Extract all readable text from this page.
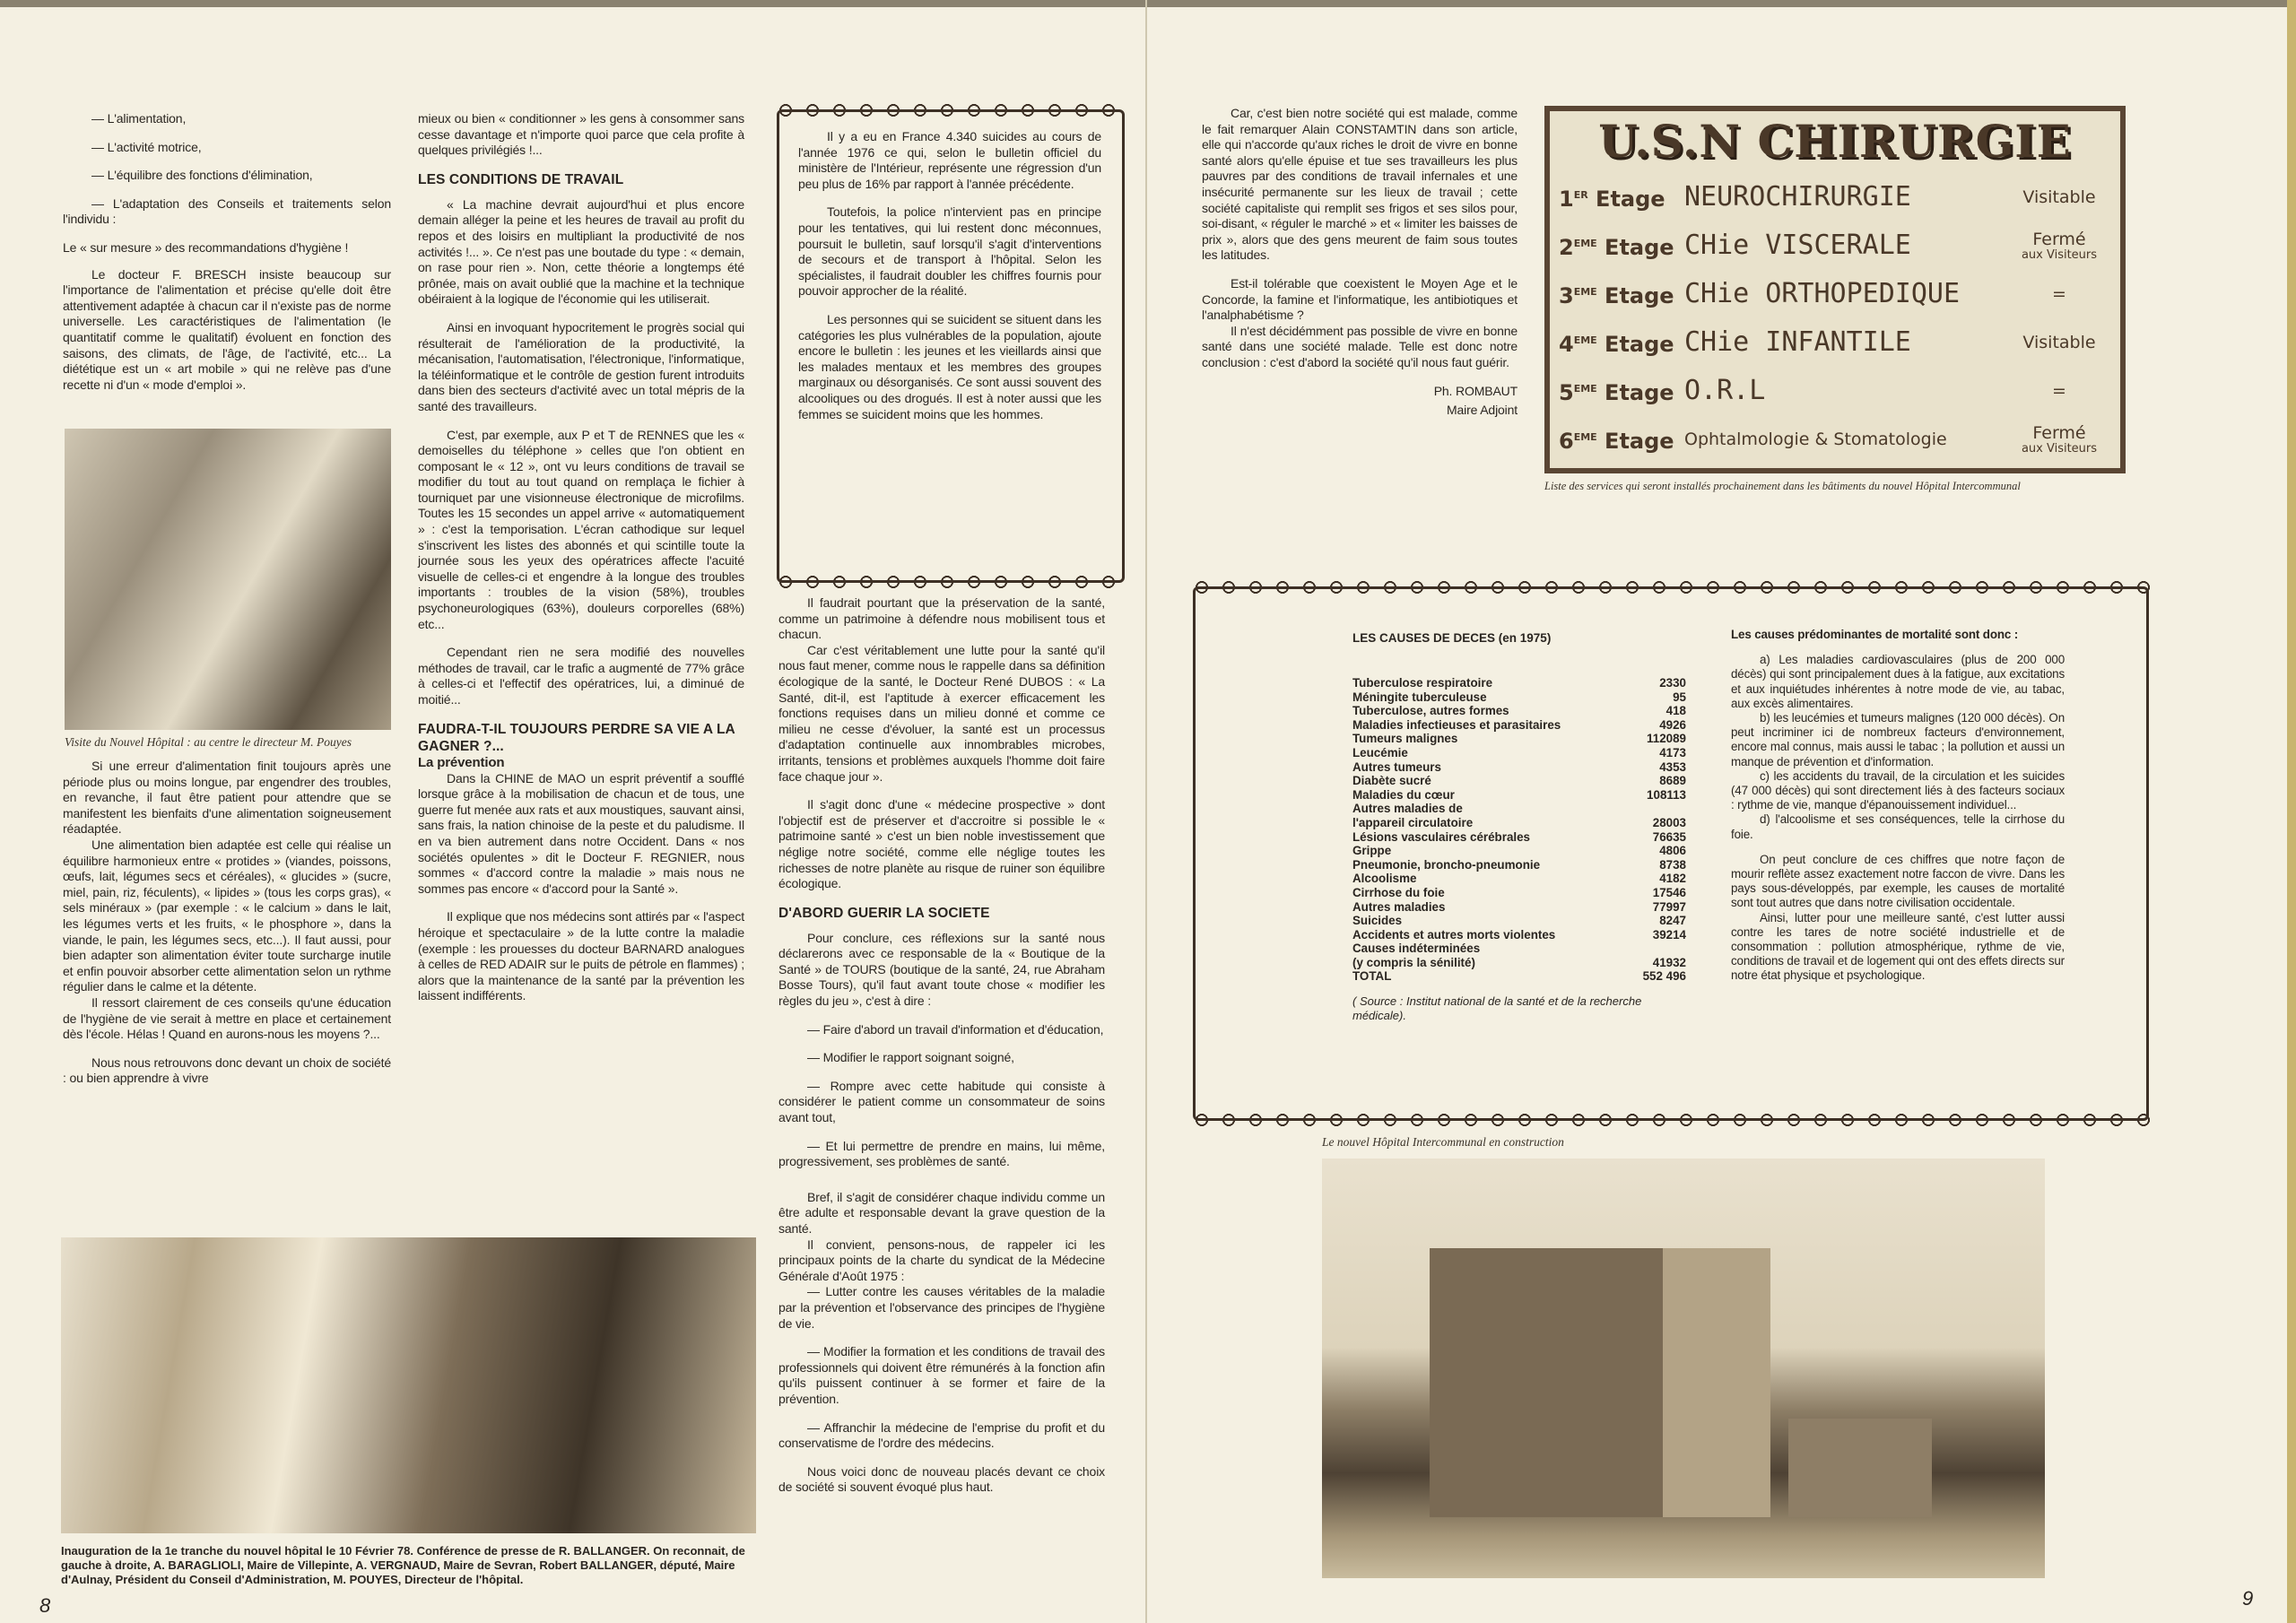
— L'alimentation,

— L'activité motrice,

— L'équilibre des fonctions d'élimination,

— L'adaptation des Conseils et traitements selon l'individu :

Le « sur mesure » des recommandations d'hygiène !

Le docteur F. BRESCH insiste beaucoup sur l'importance de l'alimentation et précise qu'elle doit être attentivement adaptée à chacun car il n'existe pas de norme universelle. Les caractéristiques de l'alimentation (le quantitatif comme le qualitatif) évoluent en fonction des saisons, des climats, de l'âge, de l'activité, etc... La diététique est un « art mobile » qui ne relève pas d'une recette ni d'un « mode d'emploi ».

Visite du Nouvel Hôpital : au centre le directeur M. Pouyes

Si une erreur d'alimentation finit toujours après une période plus ou moins longue, par engendrer des troubles, en revanche, il faut être patient pour attendre que se manifestent les bienfaits d'une alimentation soigneusement réadaptée.

Une alimentation bien adaptée est celle qui réalise un équilibre harmonieux entre « protides » (viandes, poissons, œufs, lait, légumes secs et céréales), « glucides » (sucre, miel, pain, riz, féculents), « lipides » (tous les corps gras), « sels minéraux » (par exemple : « le calcium » dans le lait, les légumes verts et les fruits, « le phosphore », dans la viande, le pain, les légumes secs, etc...). Il faut aussi, pour bien adapter son alimentation éviter toute surcharge inutile et enfin pouvoir absorber cette alimentation selon un rythme régulier dans le calme et la détente.

Il ressort clairement de ces conseils qu'une éducation de l'hygiène de vie serait à mettre en place et certainement dès l'école. Hélas ! Quand en aurons-nous les moyens ?...

Nous nous retrouvons donc devant un choix de société : ou bien apprendre à vivre

mieux ou bien « conditionner » les gens à consommer sans cesse davantage et n'importe quoi parce que cela profite à quelques privilégiés !...

LES CONDITIONS DE TRAVAIL

« La machine devrait aujourd'hui et plus encore demain alléger la peine et les heures de travail au profit du repos et des loisirs en multipliant la productivité de nos activités !... ». Ce n'est pas une boutade du type : « demain, on rase pour rien ». Non, cette théorie a longtemps été prônée, mais on avait oublié que la machine et la technique obéiraient à la logique de l'économie qui les utiliserait.

Ainsi en invoquant hypocritement le progrès social qui résulterait de l'amélioration de la productivité, la mécanisation, l'automatisation, l'électronique, l'informatique, la téléinformatique et le contrôle de gestion furent introduits dans bien des secteurs d'activité avec un total mépris de la santé des travailleurs.

C'est, par exemple, aux P et T de RENNES que les « demoiselles du téléphone » celles que l'on obtient en composant le « 12 », ont vu leurs conditions de travail se modifier du tout au tout quand on remplaça le fichier à tourniquet par une visionneuse électronique de microfilms. Toutes les 15 secondes un appel arrive « automatiquement » : c'est la temporisation. L'écran cathodique sur lequel s'inscrivent les listes des abonnés et qui scintille toute la journée sous les yeux des opératrices affecte l'acuité visuelle de celles-ci et engendre à la longue des troubles importants : troubles de la vision (58%), troubles psychoneurologiques (63%), douleurs corporelles (68%) etc...

Cependant rien ne sera modifié des nouvelles méthodes de travail, car le trafic a augmenté de 77% grâce à celles-ci et l'effectif des opératrices, lui, a diminué de moitié...

FAUDRA-T-IL TOUJOURS PERDRE SA VIE A LA GAGNER ?...
La prévention

Dans la CHINE de MAO un esprit préventif a soufflé lorsque grâce à la mobilisation de chacun et de tous, une guerre fut menée aux rats et aux moustiques, sauvant ainsi, sans frais, la nation chinoise de la peste et du paludisme. Il en va bien autrement dans notre Occident. Dans « nos sociétés opulentes » dit le Docteur F. REGNIER, nous sommes « d'accord contre la maladie » mais nous ne sommes pas encore « d'accord pour la Santé ».

Il explique que nos médecins sont attirés par « l'aspect héroique et spectaculaire » de la lutte contre la maladie (exemple : les prouesses du docteur BARNARD analogues à celles de RED ADAIR sur le puits de pétrole en flammes) ; alors que la maintenance de la santé par la prévention les laissent indifférents.

Il y a eu en France 4.340 suicides au cours de l'année 1976 ce qui, selon le bulletin officiel du ministère de l'Intérieur, représente une régression d'un peu plus de 16% par rapport à l'année précédente.

Toutefois, la police n'intervient pas en principe pour les tentatives, qui lui restent donc méconnues, poursuit le bulletin, sauf lorsqu'il s'agit d'interventions de secours et de transport à l'hôpital. Selon les spécialistes, il faudrait doubler les chiffres fournis pour pouvoir approcher de la réalité.

Les personnes qui se suicident se situent dans les catégories les plus vulnérables de la population, ajoute encore le bulletin : les jeunes et les vieillards ainsi que les malades mentaux et les membres des groupes marginaux ou désorganisés. Ce sont aussi souvent des alcooliques ou des drogués. Il est à noter aussi que les femmes se suicident moins que les hommes.

Il faudrait pourtant que la préservation de la santé, comme un patrimoine à défendre nous mobilisent tous et chacun.

Car c'est véritablement une lutte pour la santé qu'il nous faut mener, comme nous le rappelle dans sa définition écologique de la santé, le Docteur René DUBOS : « La Santé, dit-il, est l'aptitude à exercer efficacement les fonctions requises dans un milieu donné et comme ce milieu ne cesse d'évoluer, la santé est un processus d'adaptation continuelle aux innombrables microbes, irritants, tensions et problèmes auxquels l'homme doit faire face chaque jour ».

Il s'agit donc d'une « médecine prospective » dont l'objectif est de préserver et d'accroitre si possible le « patrimoine santé » c'est un bien noble investissement que néglige notre société, comme elle néglige toutes les richesses de notre planète au risque de ruiner son équilibre écologique.

D'ABORD GUERIR LA SOCIETE

Pour conclure, ces réflexions sur la santé nous déclarerons avec ce responsable de la « Boutique de la Santé » de TOURS (boutique de la santé, 24, rue Abraham Bosse Tours), qu'il faut avant toute chose « modifier les règles du jeu », c'est à dire :

— Faire d'abord un travail d'information et d'éducation,

— Modifier le rapport soignant soigné,

— Rompre avec cette habitude qui consiste à considérer le patient comme un consommateur de soins avant tout,

— Et lui permettre de prendre en mains, lui même, progressivement, ses problèmes de santé.

Bref, il s'agit de considérer chaque individu comme un être adulte et responsable devant la grave question de la santé.

Il convient, pensons-nous, de rappeler ici les principaux points de la charte du syndicat de la Médecine Générale d'Août 1975 :

— Lutter contre les causes véritables de la maladie par la prévention et l'observance des principes de l'hygiène de vie.

— Modifier la formation et les conditions de travail des professionnels qui doivent être rémunérés à la fonction afin qu'ils puissent continuer à se former et faire de la prévention.

— Affranchir la médecine de l'emprise du profit et du conservatisme de l'ordre des médecins.

Nous voici donc de nouveau placés devant ce choix de société si souvent évoqué plus haut.

Inauguration de la 1e tranche du nouvel hôpital le 10 Février 78. Conférence de presse de R. BALLANGER. On reconnait, de gauche à droite, A. BARAGLIOLI, Maire de Villepinte, A. VERGNAUD, Maire de Sevran, Robert BALLANGER, député, Maire d'Aulnay, Président du Conseil d'Administration, M. POUYES, Directeur de l'hôpital.
8

Car, c'est bien notre société qui est malade, comme le fait remarquer Alain CONSTAMTIN dans son article, elle qui n'accorde qu'aux riches le droit de vivre en bonne santé alors qu'elle épuise et tue ses travailleurs les plus pauvres par des conditions de travail infernales et une insécurité permanente sur les lieux de travail ; cette société capitaliste qui remplit ses frigos et ses silos pour, soi-disant, « réguler le marché » et « limiter les baisses de prix », alors que des gens meurent de faim sous toutes les latitudes.

Est-il tolérable que coexistent le Moyen Age et le Concorde, la famine et l'informatique, les antibiotiques et l'analphabétisme ?

Il n'est décidémment pas possible de vivre en bonne santé dans une société malade. Telle est donc notre conclusion : c'est d'abord la société qu'il nous faut guérir.

Ph. ROMBAUT
Maire Adjoint
U.S.N CHIRURGIE
1ER Etage NEUROCHIRURGIE	Visitable
2EME Etage CHie VISCERALE	Fermé
aux Visiteurs
3EME Etage CHie ORTHOPEDIQUE	=
4EME Etage CHie INFANTILE	Visitable
5EME Etage O.R.L	=
6EME Etage Ophtalmologie & Stomatologie	Fermé
aux Visiteurs
Liste des services qui seront installés prochainement dans les bâtiments du nouvel Hôpital Intercommunal
LES CAUSES DE DECES (en 1975)
Tuberculose respiratoire	2330
Méningite tuberculeuse	95
Tuberculose, autres formes	418
Maladies infectieuses et parasitaires	4926
Tumeurs malignes	112089
Leucémie	4173
Autres tumeurs	4353
Diabète sucré	8689
Maladies du cœur	108113
Autres maladies de	
l'appareil circulatoire	28003
Lésions vasculaires cérébrales	76635
Grippe	4806
Pneumonie, broncho-pneumonie	8738
Alcoolisme	4182
Cirrhose du foie	17546
Autres maladies	77997
Suicides	8247
Accidents et autres morts violentes	39214
Causes indéterminées	
(y compris la sénilité)	41932
TOTAL	552 496
( Source : Institut national de la santé et de la recherche médicale).

Les causes prédominantes de mortalité sont donc :

a) Les maladies cardiovasculaires (plus de 200 000 décès) qui sont principalement dues à la fatigue, aux excitations et aux inquiétudes inhérentes à notre mode de vie, au tabac, aux excès alimentaires.

b) les leucémies et tumeurs malignes (120 000 décès). On peut incriminer ici de nombreux facteurs d'environnement, encore mal connus, mais aussi le tabac ; la pollution et aussi un manque de prévention et d'information.

c) les accidents du travail, de la circulation et les suicides (47 000 décès) qui sont directement liés à des facteurs sociaux : rythme de vie, manque d'épanouissement individuel...

d) l'alcoolisme et ses conséquences, telle la cirrhose du foie.

On peut conclure de ces chiffres que notre façon de mourir reflète assez exactement notre faccon de vivre. Dans les pays sous-développés, par exemple, les causes de mortalité sont tout autres que dans notre civilisation occidentale.

Ainsi, lutter pour une meilleure santé, c'est lutter aussi contre les tares de notre société industrielle et de consommation : pollution atmosphérique, rythme de vie, conditions de travail et de logement qui ont des effets directs sur notre état physique et psychologique.

Le nouvel Hôpital Intercommunal en construction
9
